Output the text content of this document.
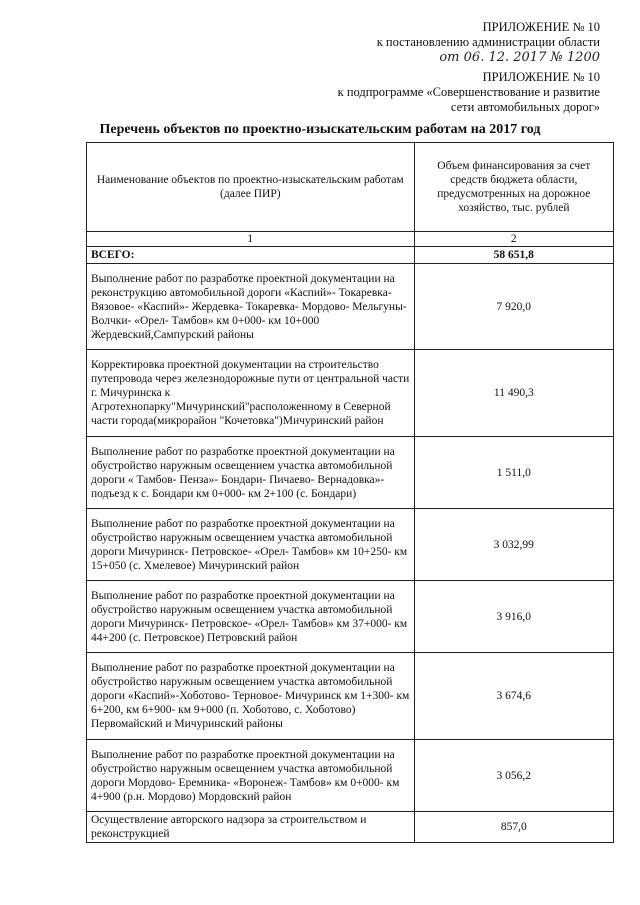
ПРИЛОЖЕНИЕ № 10
к постановлению администрации области
от 06. 12. 2017 № 1200
ПРИЛОЖЕНИЕ № 10
к подпрограмме «Совершенствование и развитие
сети автомобильных дорог»
Перечень объектов по проектно-изыскательским работам на 2017 год
Наименование объектов по проектно-изыскательским работам (далее ПИР)	Объем финансирования за счет средств бюджета области, предусмотренных на дорожное хозяйство, тыс. рублей
1	2
ВСЕГО:	58 651,8
Выполнение работ по разработке проектной документации на реконструкцию автомобильной дороги «Каспий»- Токаревка- Вязовое- «Каспий»- Жердевка- Токаревка- Мордово- Мельгуны- Волчки- «Орел- Тамбов» км 0+000- км 10+000 Жердевский,Сампурский районы	7 920,0
Корректировка проектной документации на строительство путепровода через железнодорожные пути от центральной части г. Мичуринска к Агротехнопарку"Мичуринский"расположенному в Северной части города(микрорайон "Кочетовка")Мичуринский район	11 490,3
Выполнение работ по разработке проектной документации на обустройство наружным освещением участка автомобильной дороги « Тамбов- Пенза»- Бондари- Пичаево- Вернадовка»- подъезд к с. Бондари км 0+000- км 2+100 (с. Бондари)	1 511,0
Выполнение работ по разработке проектной документации на обустройство наружным освещением участка автомобильной дороги Мичуринск- Петровское- «Орел- Тамбов» км 10+250- км 15+050 (с. Хмелевое) Мичуринский район	3 032,99
Выполнение работ по разработке проектной документации на обустройство наружным освещением участка автомобильной дороги Мичуринск- Петровское- «Орел- Тамбов» км 37+000- км 44+200 (с. Петровское) Петровский район	3 916,0
Выполнение работ по разработке проектной документации на обустройство наружным освещением участка автомобильной дороги «Каспий»-Хоботово- Терновое- Мичуринск км 1+300- км 6+200, км 6+900- км 9+000 (п. Хоботово, с. Хоботово) Первомайский и Мичуринский районы	3 674,6
Выполнение работ по разработке проектной документации на обустройство наружным освещением участка автомобильной дороги Мордово- Еремника- «Воронеж- Тамбов» км 0+000- км 4+900 (р.н. Мордово) Мордовский район	3 056,2
Осуществление авторского надзора за строительством и реконструкцией	857,0
